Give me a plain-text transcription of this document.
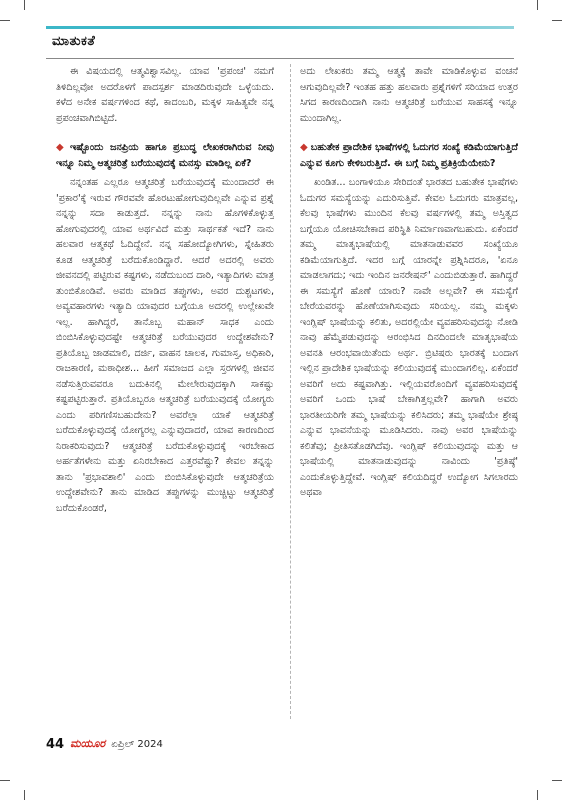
ಮಾತುಕತೆ

ಈ ವಿಷಯದಲ್ಲಿ ಆತ್ಮವಿಶ್ವಾಸವಿಲ್ಲ. ಯಾವ 'ಪ್ರಪಂಚ' ನಮಗೆ ತಿಳಿದಿಲ್ಲವೋ ಅದರೊಳಗೆ ಪಾದಸ್ಪರ್ಶ ಮಾಡದಿರುವುದೇ ಒಳ್ಳೆಯದು. ಕಳೆದ ಅನೇಕ ವರ್ಷಗಳಿಂದ ಕಥೆ, ಕಾದಂಬರಿ, ಮಕ್ಕಳ ಸಾಹಿತ್ಯವೇ ನನ್ನ ಪ್ರಪಂಚವಾಗಿಬಿಟ್ಟಿದೆ.

◆ ಇಷ್ಟೊಂದು ಜನಪ್ರಿಯ ಹಾಗೂ ಪ್ರಬುದ್ಧ ಲೇಖಕರಾಗಿರುವ ನೀವು ಇನ್ನೂ ನಿಮ್ಮ ಆತ್ಮಚರಿತ್ರೆ ಬರೆಯುವುದಕ್ಕೆ ಮನಸ್ಸು ಮಾಡಿಲ್ಲ ಏಕೆ?

ನನ್ನಂತಹ ಎಲ್ಲರೂ ಆತ್ಮಚರಿತ್ರೆ ಬರೆಯುವುದಕ್ಕೆ ಮುಂದಾದರೆ ಈ 'ಪ್ರಕಾರ'ಕ್ಕೆ ಇರುವ ಗೌರವವೇ ಹೊರಟುಹೋಗುವುದಿಲ್ಲವೇ ಎನ್ನುವ ಪ್ರಶ್ನೆ ನನ್ನನ್ನು ಸದಾ ಕಾಡುತ್ತದೆ. ನನ್ನನ್ನು ನಾನು ಹೊಗಳಿಕೊಳ್ಳುತ್ತ ಹೋಗುವುದರಲ್ಲಿ ಯಾವ ಅರ್ಥವಿದೆ ಮತ್ತು ಸಾರ್ಥಕತೆ ಇದೆ? ನಾನು ಹಲವಾರ ಆತ್ಮಕಥೆ ಓದಿದ್ದೇನೆ. ನನ್ನ ಸಹೋದ್ಯೋಗಿಗಳು, ಸ್ನೇಹಿತರು ಕೂಡ ಆತ್ಮಚರಿತ್ರೆ ಬರೆದುಕೊಂಡಿದ್ದಾರೆ. ಆದರೆ ಅದರಲ್ಲಿ ಅವರು ಜೀವನದಲ್ಲಿ ಪಟ್ಟಿರುವ ಕಷ್ಟಗಳು, ನಡೆದುಬಂದ ದಾರಿ, ಇತ್ಯಾದಿಗಳು ಮಾತ್ರ ತುಂಬಿಕೊಂಡಿವೆ. ಅವರು ಮಾಡಿದ ತಪ್ಪುಗಳು, ಅವರ ದುಶ್ಚಟಗಳು, ಅವ್ಯವಹಾರಗಳು ಇತ್ಯಾದಿ ಯಾವುದರ ಬಗ್ಗೆಯೂ ಅದರಲ್ಲಿ ಉಲ್ಲೇಖವೇ ಇಲ್ಲ. ಹಾಗಿದ್ದರೆ, ತಾನೊಬ್ಬ ಮಹಾನ್ ಸಾಧಕ ಎಂದು ಬಿಂಬಿಸಿಕೊಳ್ಳುವುದಷ್ಟೇ ಆತ್ಮಚರಿತ್ರೆ ಬರೆಯುವುದರ ಉದ್ದೇಶವೇನು? ಪ್ರತಿಯೊಬ್ಬ ಜಾಡಮಾಲಿ, ದರ್ಜಿ, ವಾಹನ ಚಾಲಕ, ಗುಮಾಸ್ತ, ಅಧಿಕಾರಿ, ರಾಜಕಾರಣಿ, ಮಠಾಧೀಶ... ಹೀಗೆ ಸಮಾಜದ ಎಲ್ಲಾ ಸ್ತರಗಳಲ್ಲಿ ಜೀವನ ನಡೆಸುತ್ತಿರುವವರೂ ಬದುಕಿನಲ್ಲಿ ಮೇಲೇರುವುದಕ್ಕಾಗಿ ಸಾಕಷ್ಟು ಕಷ್ಟಪಟ್ಟಿರುತ್ತಾರೆ. ಪ್ರತಿಯೊಬ್ಬರೂ ಆತ್ಮಚರಿತ್ರೆ ಬರೆಯುವುದಕ್ಕೆ ಯೋಗ್ಯರು ಎಂದು ಪರಿಗಣಿಸಬಹುದೇನು? ಅವರೆಲ್ಲಾ ಯಾಕೆ ಆತ್ಮಚರಿತ್ರೆ ಬರೆದುಕೊಳ್ಳುವುದಕ್ಕೆ ಯೋಗ್ಯರಲ್ಲ ಎನ್ನುವುದಾದರೆ, ಯಾವ ಕಾರಣದಿಂದ ನಿರಾಕರಿಸುವುದು? ಆತ್ಮಚರಿತ್ರೆ ಬರೆದುಕೊಳ್ಳುವುದಕ್ಕೆ ಇರಬೇಕಾದ ಅರ್ಹತೆಗಳೇನು ಮತ್ತು ಏನಿರಬೇಕಾದ ಎತ್ತರವೆಷ್ಟು? ಕೇವಲ ತನ್ನನ್ನು ತಾನು 'ಪ್ರಭಾವಶಾಲಿ' ಎಂದು ಬಿಂಬಿಸಿಕೊಳ್ಳುವುದೇ ಆತ್ಮಚರಿತ್ರೆಯ ಉದ್ದೇಶವೇನು? ತಾನು ಮಾಡಿದ ತಪ್ಪುಗಳನ್ನು ಮುಚ್ಚಿಟ್ಟು ಆತ್ಮಚರಿತ್ರೆ ಬರೆದುಕೊಂಡರೆ,

ಅದು ಲೇಖಕರು ತಮ್ಮ ಆತ್ಮಕ್ಕೆ ತಾವೇ ಮಾಡಿಕೊಳ್ಳುವ ವಂಚನೆ ಆಗುವುದಿಲ್ಲವೇ? ಇಂತಹ ಹತ್ತು ಹಲವಾರು ಪ್ರಶ್ನೆಗಳಿಗೆ ಸರಿಯಾದ ಉತ್ತರ ಸಿಗದ ಕಾರಣದಿಂದಾಗಿ ನಾನು ಆತ್ಮಚರಿತ್ರೆ ಬರೆಯುವ ಸಾಹಸಕ್ಕೆ ಇನ್ನೂ ಮುಂದಾಗಿಲ್ಲ.

◆ ಬಹುತೇಕ ಪ್ರಾದೇಶಿಕ ಭಾಷೆಗಳಲ್ಲಿ ಓದುಗರ ಸಂಖ್ಯೆ ಕಡಿಮೆಯಾಗುತ್ತಿದೆ ಎನ್ನುವ ಕೂಗು ಕೇಳಿಬರುತ್ತಿದೆ. ಈ ಬಗ್ಗೆ ನಿಮ್ಮ ಪ್ರತಿಕ್ರಿಯೆಯೇನು?

ಖಂಡಿತ... ಬಂಗಾಳಿಯೂ ಸೇರಿದಂತೆ ಭಾರತದ ಬಹುತೇಕ ಭಾಷೆಗಳು ಓದುಗರ ಸಮಸ್ಯೆಯನ್ನು ಎದುರಿಸುತ್ತಿವೆ. ಕೇವಲ ಓದುಗರು ಮಾತ್ರವಲ್ಲ, ಕೆಲವು ಭಾಷೆಗಳು ಮುಂದಿನ ಕೆಲವು ವರ್ಷಗಳಲ್ಲಿ ತಮ್ಮ ಅಸ್ತಿತ್ವದ ಬಗ್ಗೆಯೂ ಯೋಚಿಸಬೇಕಾದ ಪರಿಸ್ಥಿತಿ ನಿರ್ಮಾಣವಾಗಬಹುದು. ಏಕೆಂದರೆ ತಮ್ಮ ಮಾತೃಭಾಷೆಯಲ್ಲಿ ಮಾತನಾಡುವವರ ಸಂಖ್ಯೆಯೂ ಕಡಿಮೆಯಾಗುತ್ತಿದೆ. ಇದರ ಬಗ್ಗೆ ಯಾರನ್ನೇ ಪ್ರಶ್ನಿಸಿದರೂ, 'ಏನೂ ಮಾಡಲಾಗದು; ಇದು ಇಂದಿನ ಜನರೇಷನ್' ಎಂದುಬಿಡುತ್ತಾರೆ. ಹಾಗಿದ್ದರೆ ಈ ಸಮಸ್ಯೆಗೆ ಹೊಣೆ ಯಾರು? ನಾವೇ ಅಲ್ಲವೇ? ಈ ಸಮಸ್ಯೆಗೆ ಬೇರೆಯವರನ್ನು ಹೊಣೆಯಾಗಿಸುವುದು ಸರಿಯಲ್ಲ. ನಮ್ಮ ಮಕ್ಕಳು ಇಂಗ್ಲಿಷ್ ಭಾಷೆಯನ್ನು ಕಲಿತು, ಅದರಲ್ಲಿಯೇ ವ್ಯವಹರಿಸುವುದನ್ನು ನೋಡಿ ನಾವು ಹೆಮ್ಮೆಪಡುವುದನ್ನು ಆರಂಭಿಸಿದ ದಿನದಿಂದಲೇ ಮಾತೃಭಾಷೆಯ ಅವನತಿ ಆರಂಭವಾಯಿತೆಂದು ಅರ್ಥ. ಬ್ರಿಟಿಷರು ಭಾರತಕ್ಕೆ ಬಂದಾಗ ಇಲ್ಲಿನ ಪ್ರಾದೇಶಿಕ ಭಾಷೆಯನ್ನು ಕಲಿಯುವುದಕ್ಕೆ ಮುಂದಾಗಲಿಲ್ಲ. ಏಕೆಂದರೆ ಅವರಿಗೆ ಅದು ಕಷ್ಟವಾಗಿತ್ತು. ಇಲ್ಲಿಯವರೊಂದಿಗೆ ವ್ಯವಹರಿಸುವುದಕ್ಕೆ ಅವರಿಗೆ ಒಂದು ಭಾಷೆ ಬೇಕಾಗಿತ್ತಲ್ಲವೇ? ಹಾಗಾಗಿ ಅವರು ಭಾರತೀಯರಿಗೇ ತಮ್ಮ ಭಾಷೆಯನ್ನು ಕಲಿಸಿದರು; ತಮ್ಮ ಭಾಷೆಯೇ ಶ್ರೇಷ್ಠ ಎನ್ನುವ ಭಾವನೆಯನ್ನು ಮೂಡಿಸಿದರು. ನಾವು ಅವರ ಭಾಷೆಯನ್ನು ಕಲಿತೆವು; ಪ್ರೀತಿಸತೊಡಗಿದೆವು. ಇಂಗ್ಲಿಷ್ ಕಲಿಯುವುದನ್ನು ಮತ್ತು ಆ ಭಾಷೆಯಲ್ಲಿ ಮಾತನಾಡುವುದನ್ನು ನಾವಿಂದು 'ಪ್ರತಿಷ್ಠೆ' ಎಂದುಕೊಳ್ಳುತ್ತಿದ್ದೇವೆ. ಇಂಗ್ಲಿಷ್ ಕಲಿಯದಿದ್ದರೆ ಉದ್ಯೋಗ ಸಿಗಲಾರದು ಅಥವಾ

44 ಮಯೂರ ಏಪ್ರಿಲ್ 2024
